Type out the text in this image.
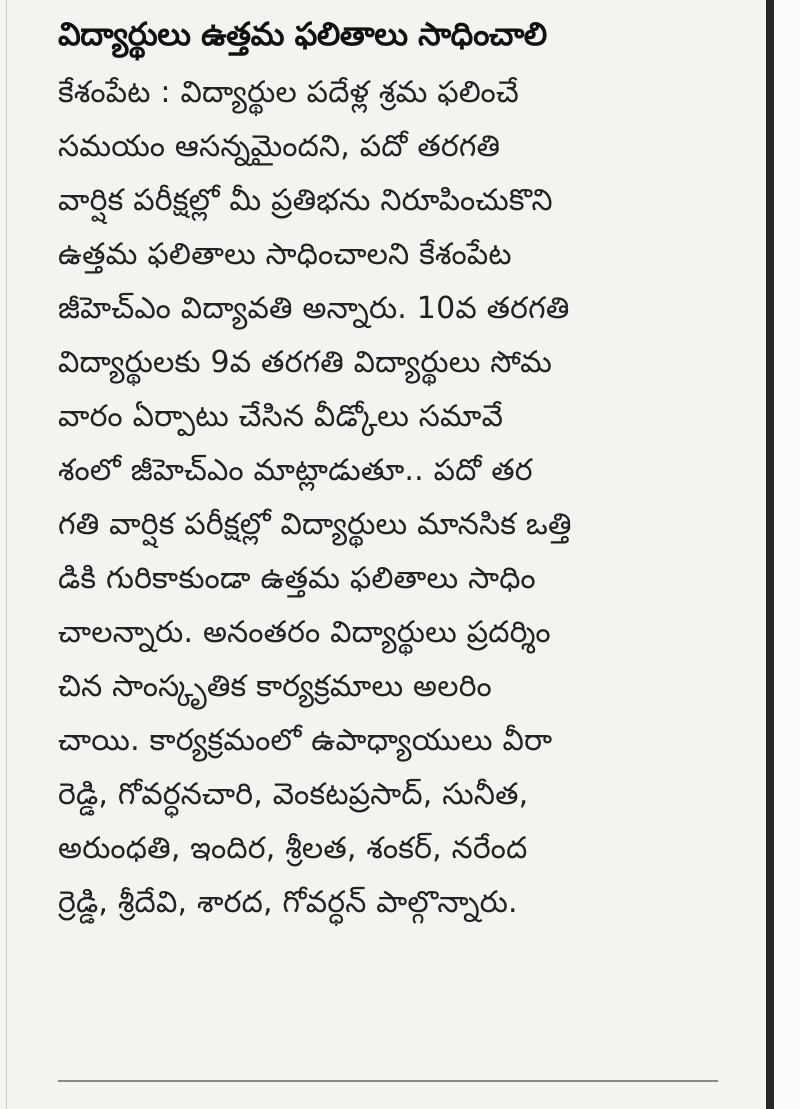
విద్యార్థులు ఉత్తమ ఫలితాలు సాధించాలి
కేశంపేట : విద్యార్థుల పదేళ్ల శ్రమ ఫలించే
సమయం ఆసన్నమైందని, పదో తరగతి
వార్షిక పరీక్షల్లో మీ ప్రతిభను నిరూపించుకొని
ఉత్తమ ఫలితాలు సాధించాలని కేశంపేట
జీహెచ్ఎం విద్యావతి అన్నారు. 10వ తరగతి
విద్యార్థులకు 9వ తరగతి విద్యార్థులు సోమ
వారం ఏర్పాటు చేసిన వీడ్కోలు సమావే
శంలో జీహెచ్ఎం మాట్లాడుతూ.. పదో తర
గతి వార్షిక పరీక్షల్లో విద్యార్థులు మానసిక ఒత్తి
డికి గురికాకుండా ఉత్తమ ఫలితాలు సాధిం
చాలన్నారు. అనంతరం విద్యార్థులు ప్రదర్శిం
చిన సాంస్కృతిక కార్యక్రమాలు అలరిం
చాయి. కార్యక్రమంలో ఉపాధ్యాయులు వీరా
రెడ్డి, గోవర్ధనచారి, వెంకటప్రసాద్, సునీత,
అరుంధతి, ఇందిర, శ్రీలత, శంకర్, నరేంద
ర్రెడ్డి, శ్రీదేవి, శారద, గోవర్ధన్ పాల్గొన్నారు.
